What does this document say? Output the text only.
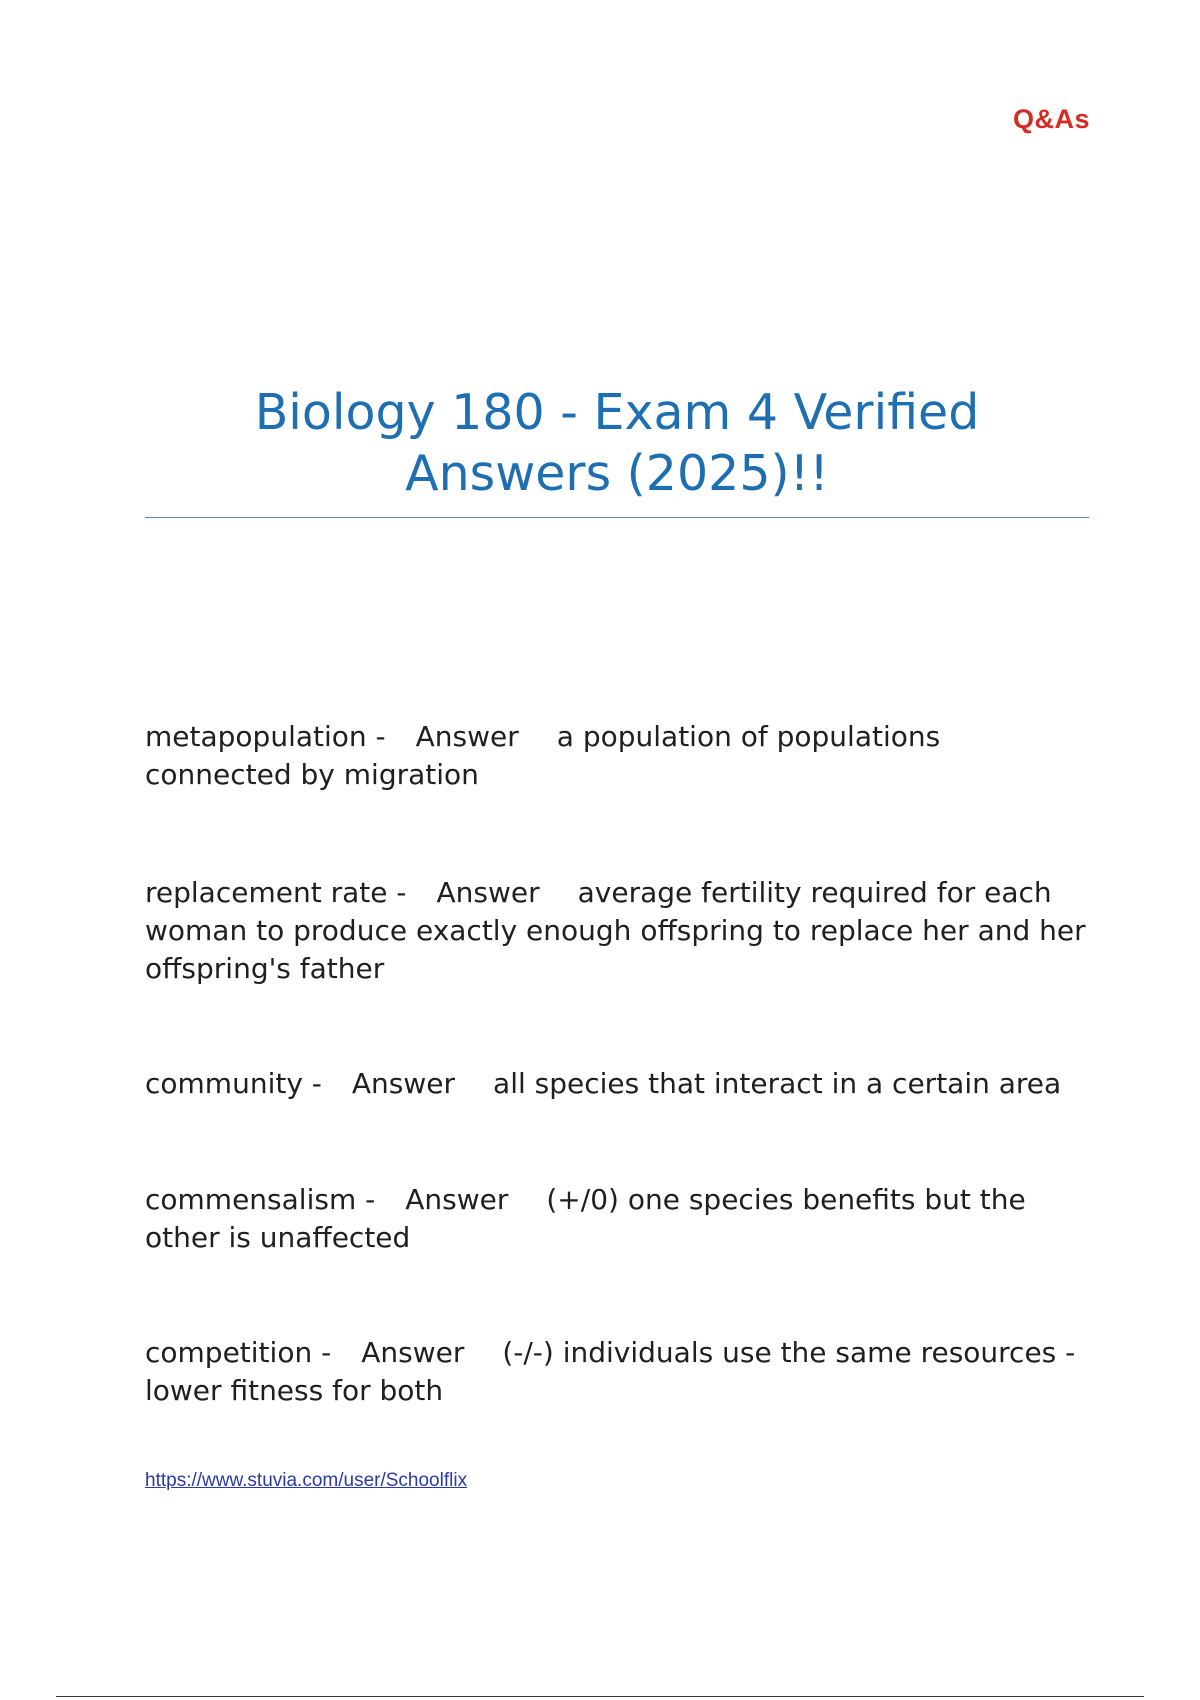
Q&As
Biology 180 - Exam 4 Verified Answers (2025)!!

metapopulation - Answer a population of populations connected by migration

replacement rate - Answer average fertility required for each woman to produce exactly enough offspring to replace her and her offspring's father

community - Answer all species that interact in a certain area

commensalism - Answer (+/0) one species benefits but the other is unaffected

competition - Answer (-/-) individuals use the same resources - lower fitness for both

https://www.stuvia.com/user/Schoolflix
